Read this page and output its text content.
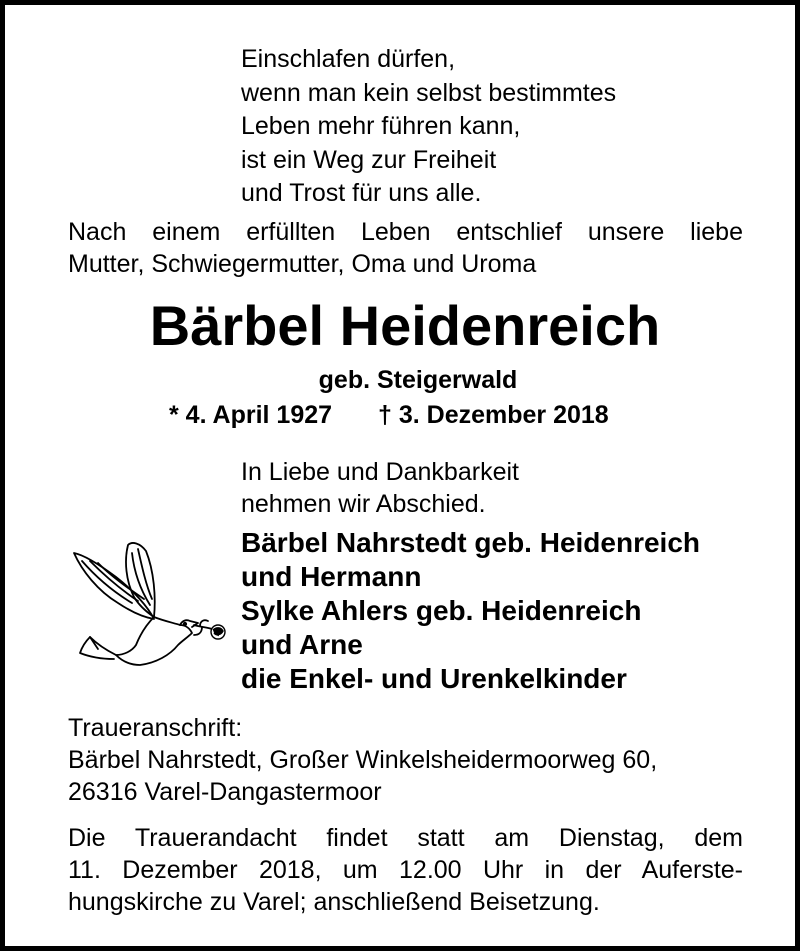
Einschlafen dürfen,
wenn man kein selbst bestimmtes
Leben mehr führen kann,
ist ein Weg zur Freiheit
und Trost für uns alle.
Nach einem erfüllten Leben entschlief unsere liebe
Mutter, Schwiegermutter, Oma und Uroma
Bärbel Heidenreich
geb. Steigerwald
* 4. April 1927 † 3. Dezember 2018
In Liebe und Dankbarkeit
nehmen wir Abschied.
Bärbel Nahrstedt geb. Heidenreich
und Hermann
Sylke Ahlers geb. Heidenreich
und Arne
die Enkel- und Urenkelkinder
Traueranschrift:
Bärbel Nahrstedt, Großer Winkelsheidermoorweg 60,
26316 Varel-Dangastermoor
Die Trauerandacht findet statt am Dienstag, dem
11. Dezember 2018, um 12.00 Uhr in der Auferste-
hungskirche zu Varel; anschließend Beisetzung.
